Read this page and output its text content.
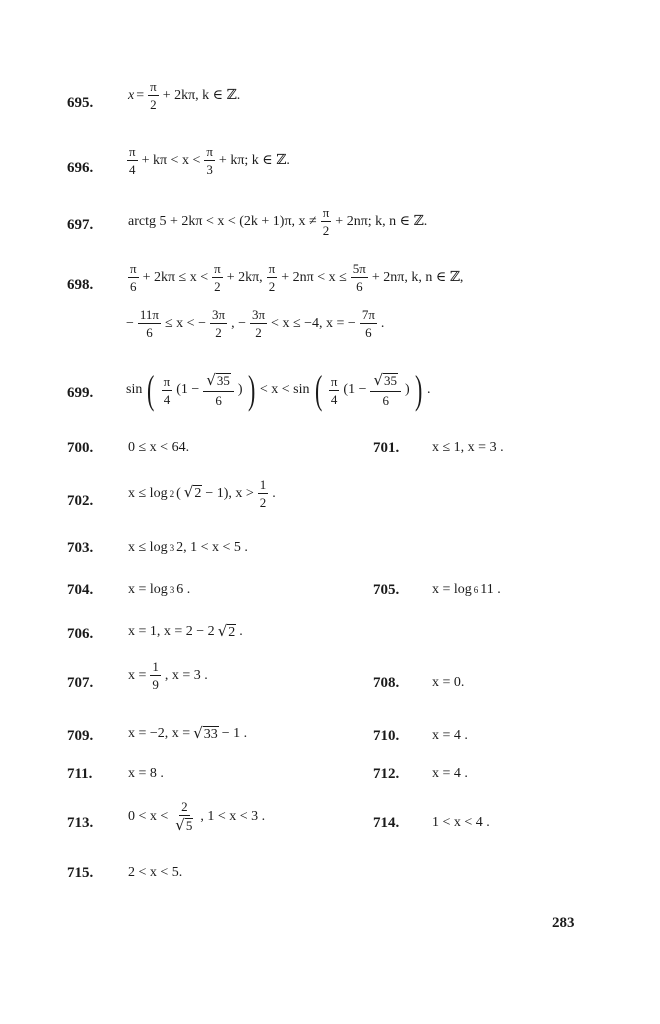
695. $x = \frac{\pi}{2} + 2k\pi$, k ∈ ℤ.
696.	$\frac{\pi}{4} + k\pi < x < \frac{\pi}{3} + k\pi$; k ∈ ℤ.
697. arctg 5 + 2kπ < x < (2k + 1)π, $x \ne \frac{\pi}{2} + 2n\pi$; k, n ∈ ℤ.
698.	$\frac{\pi}{6} + 2k\pi \le x < \frac{\pi}{2} + 2k\pi$, $\frac{\pi}{2} + 2n\pi < x \le \frac{5\pi}{6} + 2n\pi$, k, n ∈ ℤ,
− $\frac{11\pi}{6} \le x$ < − $\frac{3\pi}{2}$ , − $\frac{3\pi}{2} < x \le -4$, x = − $\frac{7\pi}{6}$ .
699. sin ( $\frac{\pi}{4} (1 - \frac{√ 35}{6}$ ) ) < x < sin ( $\frac{\pi}{4} (1 - \frac{√ 35}{6}$ ) ) .
700. 0 ≤ x < 64.	701. x ≤ 1, x = 3 .
702. x ≤ log 2 ( √ 2 − 1), $x > \frac{1}{2}$ .
703. x ≤ log 3 2, 1 < x < 5 .
704. x = log 3 6 .	705. x = log 6 11 .
706. x = 1, x = 2 − 2 √ 2 .
707. $x = \frac{1}{9}$ , x = 3 .	708. x = 0.
709. x = −2, x = √ 33 − 1 .	710. x = 4 .
711.	x = 8 .	712. x = 4 .
713. $0 < x < \frac{2}{√ 5}$ , 1 < x < 3 .	714. 1 < x < 4 .
715. 2 < x < 5.
283
